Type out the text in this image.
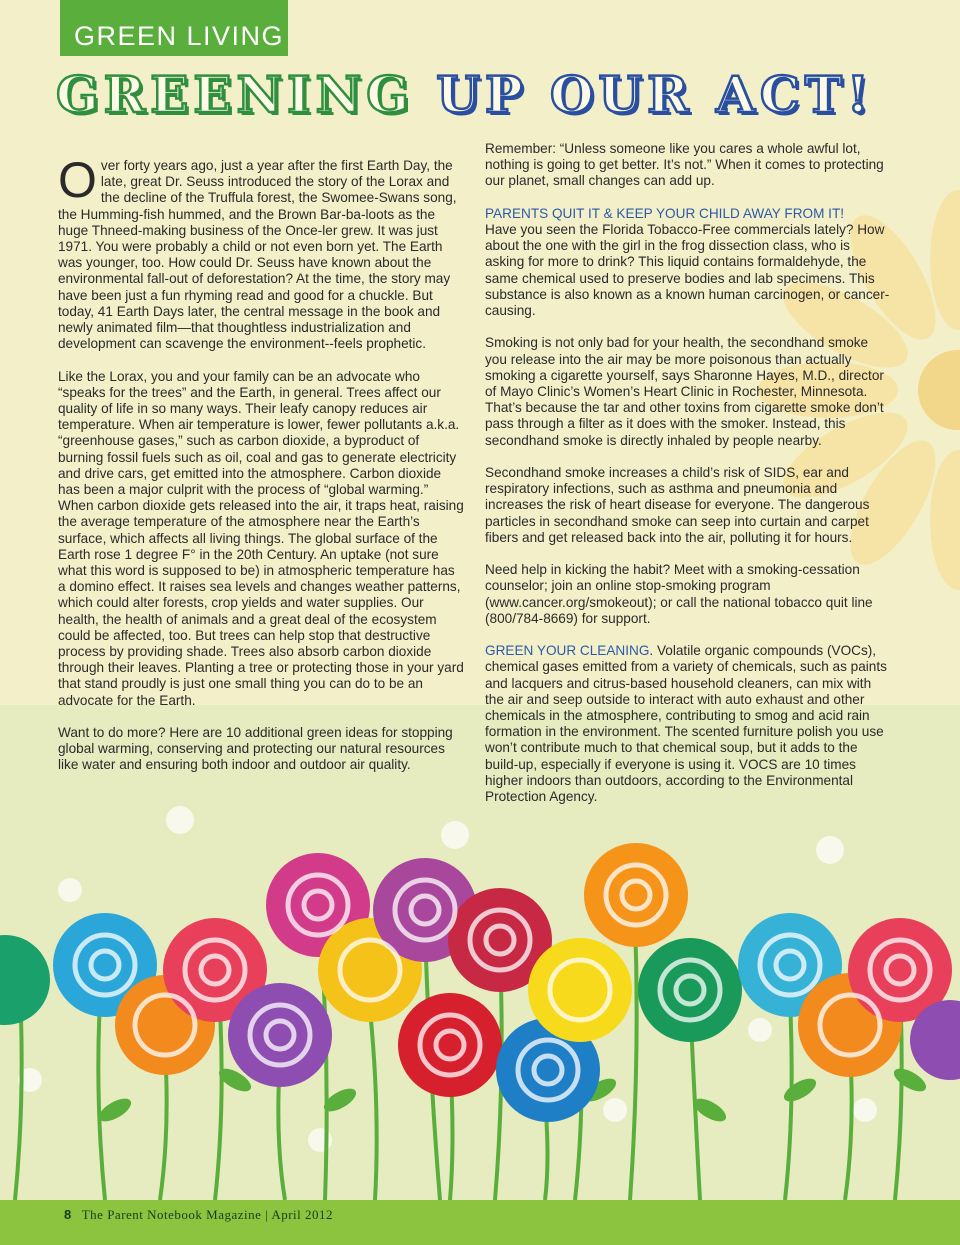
GREEN LIVING
GREENING UP OUR ACT!

Over forty years ago, just a year after the first Earth Day, the late, great Dr. Seuss introduced the story of the Lorax and the decline of the Truffula forest, the Swomee-Swans song, the Humming-fish hummed, and the Brown Bar-ba-loots as the huge Thneed-making business of the Once-ler grew. It was just 1971. You were probably a child or not even born yet. The Earth was younger, too. How could Dr. Seuss have known about the environmental fall-out of deforestation? At the time, the story may have been just a fun rhyming read and good for a chuckle. But today, 41 Earth Days later, the central message in the book and newly animated film—that thoughtless industrialization and development can scavenge the environment--feels prophetic.

Like the Lorax, you and your family can be an advocate who “speaks for the trees” and the Earth, in general. Trees affect our quality of life in so many ways. Their leafy canopy reduces air temperature. When air temperature is lower, fewer pollutants a.k.a. “greenhouse gases,” such as carbon dioxide, a byproduct of burning fossil fuels such as oil, coal and gas to generate electricity and drive cars, get emitted into the atmosphere. Carbon dioxide has been a major culprit with the process of “global warming.” When carbon dioxide gets released into the air, it traps heat, raising the average temperature of the atmosphere near the Earth’s surface, which affects all living things. The global surface of the Earth rose 1 degree F° in the 20th Century. An uptake (not sure what this word is supposed to be) in atmospheric temperature has a domino effect. It raises sea levels and changes weather patterns, which could alter forests, crop yields and water supplies. Our health, the health of animals and a great deal of the ecosystem could be affected, too. But trees can help stop that destructive process by providing shade. Trees also absorb carbon dioxide through their leaves. Planting a tree or protecting those in your yard that stand proudly is just one small thing you can do to be an advocate for the Earth.

Want to do more? Here are 10 additional green ideas for stopping global warming, conserving and protecting our natural resources like water and ensuring both indoor and outdoor air quality.

Remember: “Unless someone like you cares a whole awful lot, nothing is going to get better. It’s not.” When it comes to protecting our planet, small changes can add up.

PARENTS QUIT IT & KEEP YOUR CHILD AWAY FROM IT!
Have you seen the Florida Tobacco-Free commercials lately? How about the one with the girl in the frog dissection class, who is asking for more to drink? This liquid contains formaldehyde, the same chemical used to preserve bodies and lab specimens. This substance is also known as a known human carcinogen, or cancer-causing.

Smoking is not only bad for your health, the secondhand smoke you release into the air may be more poisonous than actually smoking a cigarette yourself, says Sharonne Hayes, M.D., director of Mayo Clinic’s Women’s Heart Clinic in Rochester, Minnesota. That’s because the tar and other toxins from cigarette smoke don’t pass through a filter as it does with the smoker. Instead, this secondhand smoke is directly inhaled by people nearby.

Secondhand smoke increases a child’s risk of SIDS, ear and respiratory infections, such as asthma and pneumonia and increases the risk of heart disease for everyone. The dangerous particles in secondhand smoke can seep into curtain and carpet fibers and get released back into the air, polluting it for hours.

Need help in kicking the habit? Meet with a smoking-cessation counselor; join an online stop-smoking program (www.cancer.org/smokeout); or call the national tobacco quit line (800/784-8669) for support.

GREEN YOUR CLEANING. Volatile organic compounds (VOCs), chemical gases emitted from a variety of chemicals, such as paints and lacquers and citrus-based household cleaners, can mix with the air and seep outside to interact with auto exhaust and other chemicals in the atmosphere, contributing to smog and acid rain formation in the environment. The scented furniture polish you use won’t contribute much to that chemical soup, but it adds to the build-up, especially if everyone is using it. VOCS are 10 times higher indoors than outdoors, according to the Environmental Protection Agency.

8 The Parent Notebook Magazine | April 2012
